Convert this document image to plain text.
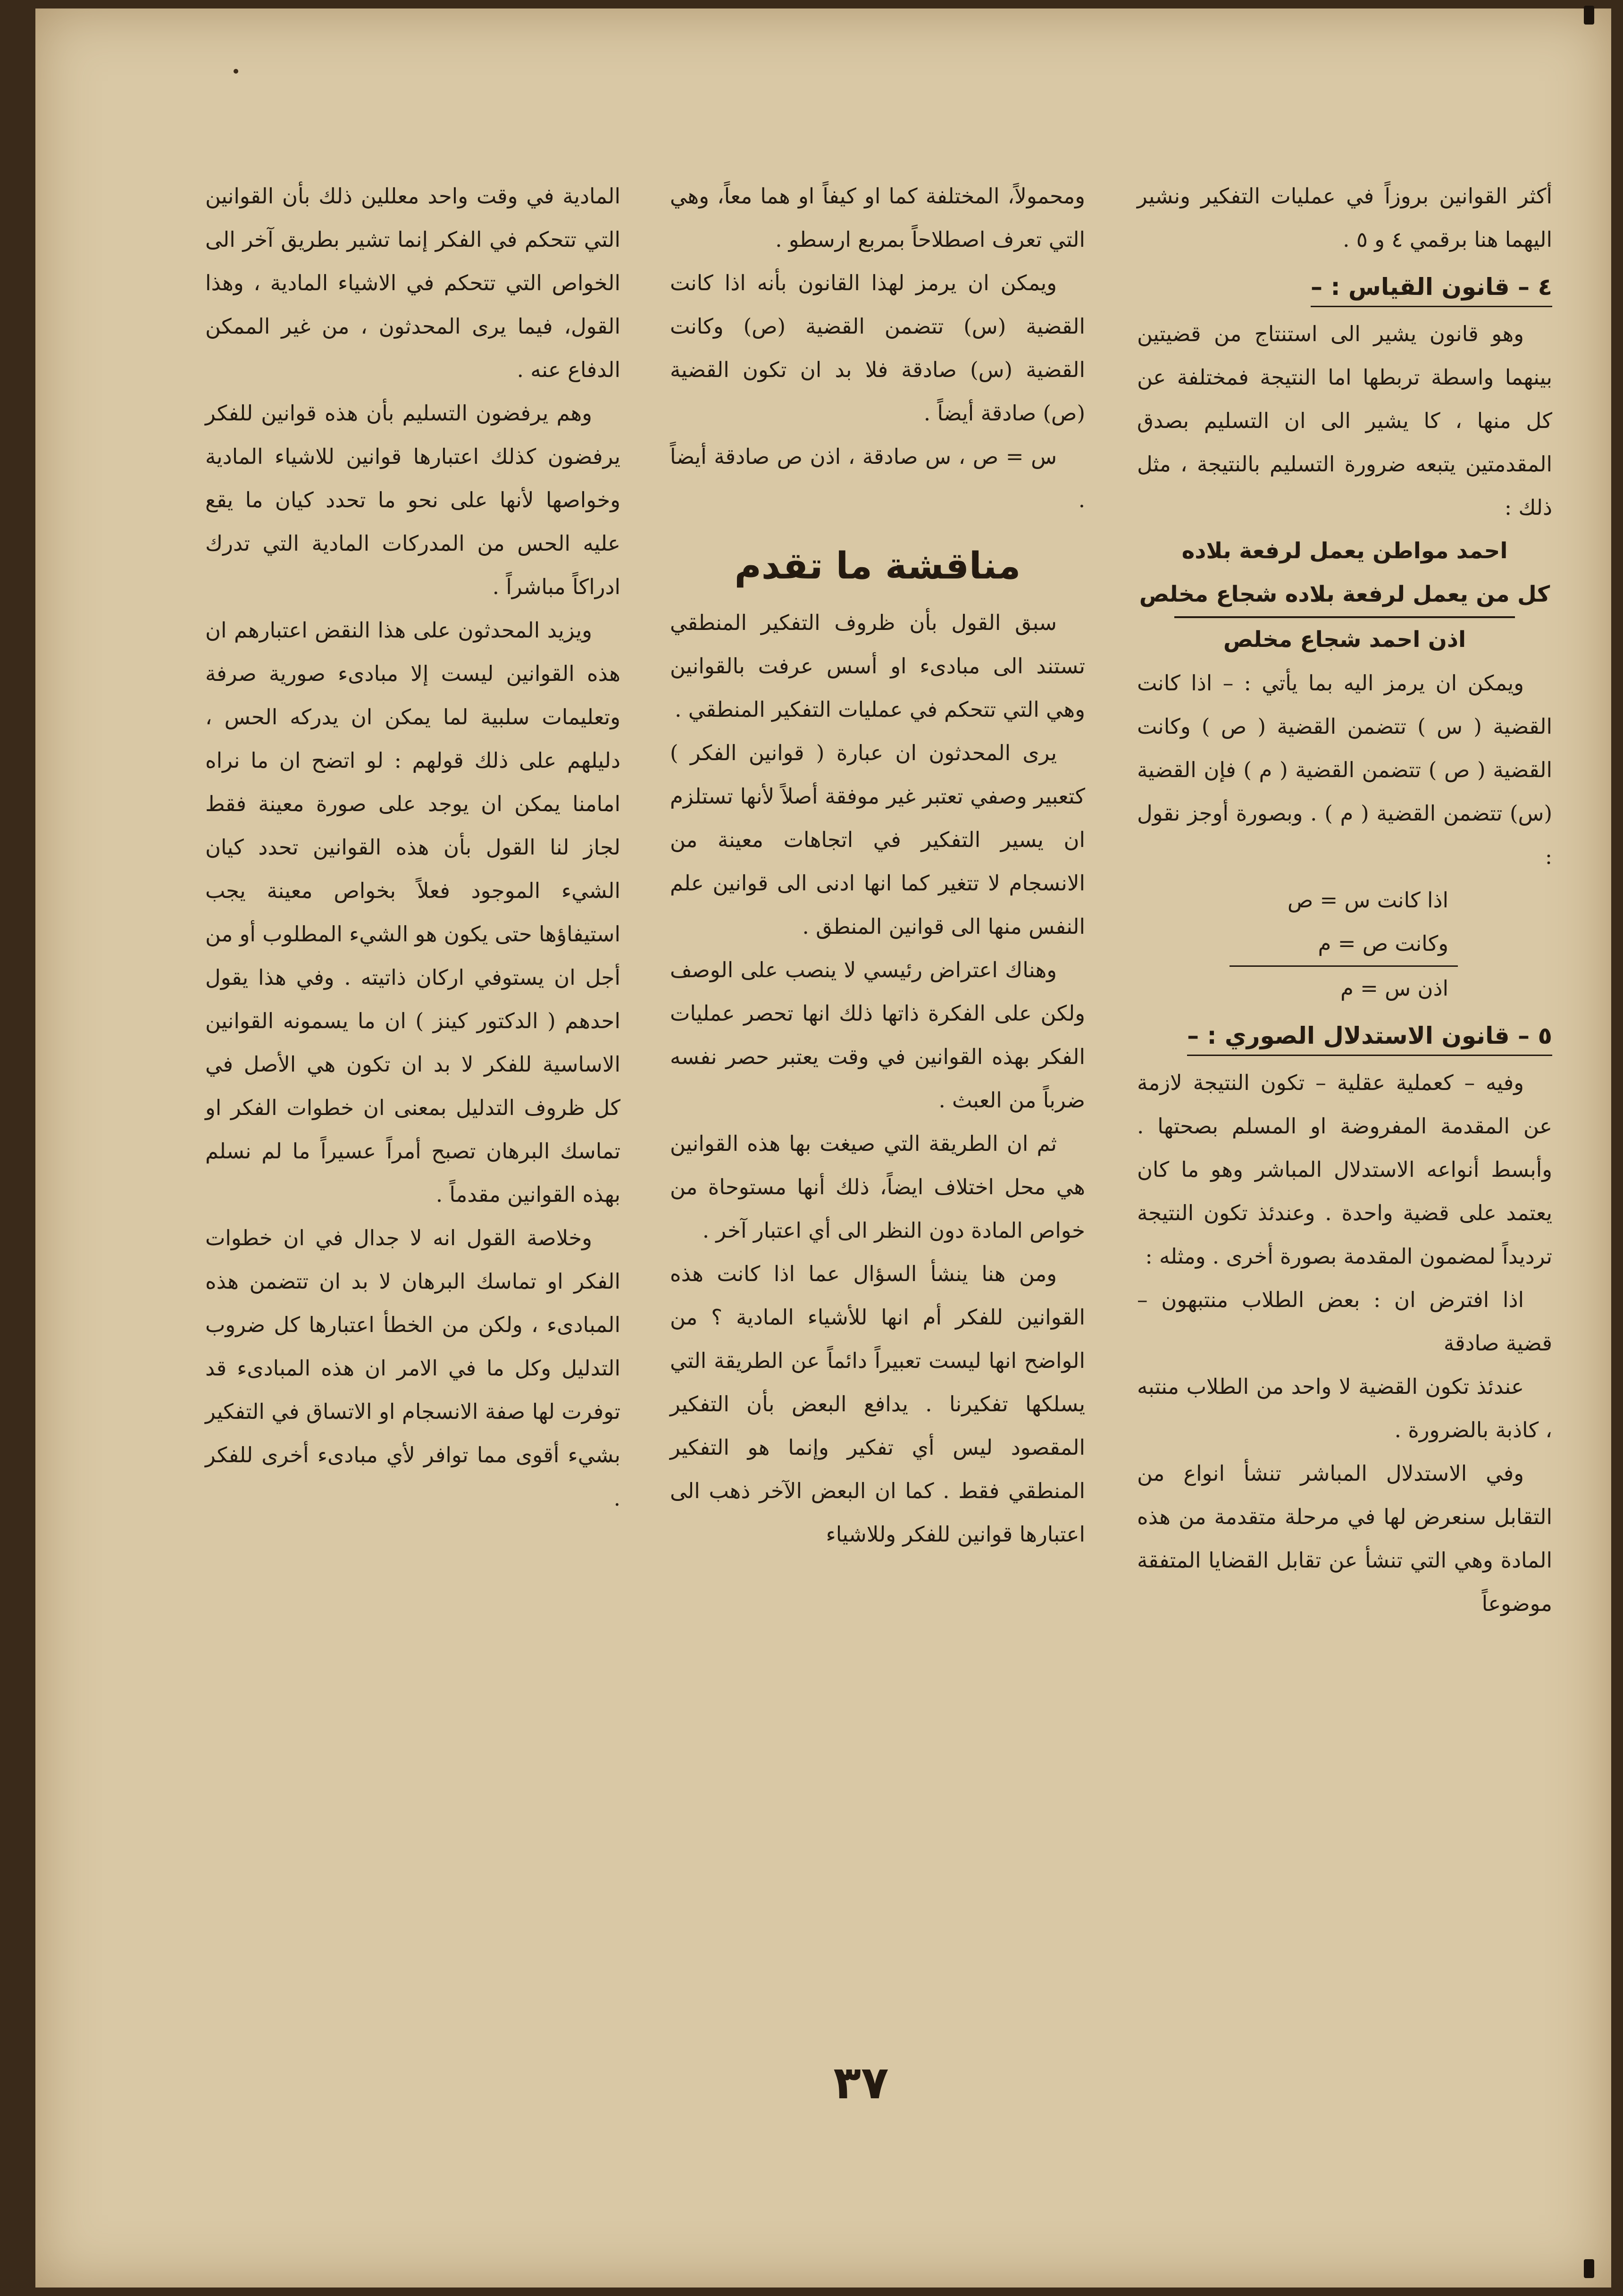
أكثر القوانين بروزاً في عمليات التفكير ونشير اليهما هنا برقمي ٤ و ٥ .

٤ – قانون القياس : –

وهو قانون يشير الى استنتاج من قضيتين بينهما واسطة تربطها اما النتيجة فمختلفة عن كل منها ، كا يشير الى ان التسليم بصدق المقدمتين يتبعه ضرورة التسليم بالنتيجة ، مثل ذلك :

احمد مواطن يعمل لرفعة بلاده

كل من يعمل لرفعة بلاده شجاع مخلص

اذن احمد شجاع مخلص

ويمكن ان يرمز اليه بما يأتي : – اذا كانت القضية ( س ) تتضمن القضية ( ص ) وكانت القضية ( ص ) تتضمن القضية ( م ) فإن القضية (س) تتضمن القضية ( م ) . وبصورة أوجز نقول :

اذا كانت س = ص

وكانت ص = م

اذن س = م

٥ – قانون الاستدلال الصوري : –

وفيه – كعملية عقلية – تكون النتيجة لازمة عن المقدمة المفروضة او المسلم بصحتها . وأبسط أنواعه الاستدلال المباشر وهو ما كان يعتمد على قضية واحدة . وعندئذ تكون النتيجة ترديداً لمضمون المقدمة بصورة أخرى . ومثله :

اذا افترض ان : بعض الطلاب منتبهون – قضية صادقة

عندئذ تكون القضية لا واحد من الطلاب منتبه ، كاذبة بالضرورة .

وفي الاستدلال المباشر تنشأ انواع من التقابل سنعرض لها في مرحلة متقدمة من هذه المادة وهي التي تنشأ عن تقابل القضايا المتفقة موضوعاً

ومحمولاً، المختلفة كما او كيفاً او هما معاً، وهي التي تعرف اصطلاحاً بمربع ارسطو .

ويمكن ان يرمز لهذا القانون بأنه اذا كانت القضية (س) تتضمن القضية (ص) وكانت القضية (س) صادقة فلا بد ان تكون القضية (ص) صادقة أيضاً .

س = ص ، س صادقة ، اذن ص صادقة أيضاً .

مناقشة ما تقدم

سبق القول بأن ظروف التفكير المنطقي تستند الى مبادىء او أسس عرفت بالقوانين وهي التي تتحكم في عمليات التفكير المنطقي .

يرى المحدثون ان عبارة ( قوانين الفكر ) كتعبير وصفي تعتبر غير موفقة أصلاً لأنها تستلزم ان يسير التفكير في اتجاهات معينة من الانسجام لا تتغير كما انها ادنى الى قوانين علم النفس منها الى قوانين المنطق .

وهناك اعتراض رئيسي لا ينصب على الوصف ولكن على الفكرة ذاتها ذلك انها تحصر عمليات الفكر بهذه القوانين في وقت يعتبر حصر نفسه ضرباً من العبث .

ثم ان الطريقة التي صيغت بها هذه القوانين هي محل اختلاف ايضاً، ذلك أنها مستوحاة من خواص المادة دون النظر الى أي اعتبار آخر .

ومن هنا ينشأ السؤال عما اذا كانت هذه القوانين للفكر أم انها للأشياء المادية ؟ من الواضح انها ليست تعبيراً دائماً عن الطريقة التي يسلكها تفكيرنا . يدافع البعض بأن التفكير المقصود ليس أي تفكير وإنما هو التفكير المنطقي فقط . كما ان البعض الآخر ذهب الى اعتبارها قوانين للفكر وللاشياء

المادية في وقت واحد معللين ذلك بأن القوانين التي تتحكم في الفكر إنما تشير بطريق آخر الى الخواص التي تتحكم في الاشياء المادية ، وهذا القول، فيما يرى المحدثون ، من غير الممكن الدفاع عنه .

وهم يرفضون التسليم بأن هذه قوانين للفكر يرفضون كذلك اعتبارها قوانين للاشياء المادية وخواصها لأنها على نحو ما تحدد كيان ما يقع عليه الحس من المدركات المادية التي تدرك ادراكاً مباشراً .

ويزيد المحدثون على هذا النقض اعتبارهم ان هذه القوانين ليست إلا مبادىء صورية صرفة وتعليمات سلبية لما يمكن ان يدركه الحس ، دليلهم على ذلك قولهم : لو اتضح ان ما نراه امامنا يمكن ان يوجد على صورة معينة فقط لجاز لنا القول بأن هذه القوانين تحدد كيان الشيء الموجود فعلاً بخواص معينة يجب استيفاؤها حتى يكون هو الشيء المطلوب أو من أجل ان يستوفي اركان ذاتيته . وفي هذا يقول احدهم ( الدكتور كينز ) ان ما يسمونه القوانين الاساسية للفكر لا بد ان تكون هي الأصل في كل ظروف التدليل بمعنى ان خطوات الفكر او تماسك البرهان تصبح أمراً عسيراً ما لم نسلم بهذه القوانين مقدماً .

وخلاصة القول انه لا جدال في ان خطوات الفكر او تماسك البرهان لا بد ان تتضمن هذه المبادىء ، ولكن من الخطأ اعتبارها كل ضروب التدليل وكل ما في الامر ان هذه المبادىء قد توفرت لها صفة الانسجام او الاتساق في التفكير بشيء أقوى مما توافر لأي مبادىء أخرى للفكر .

٣٧
